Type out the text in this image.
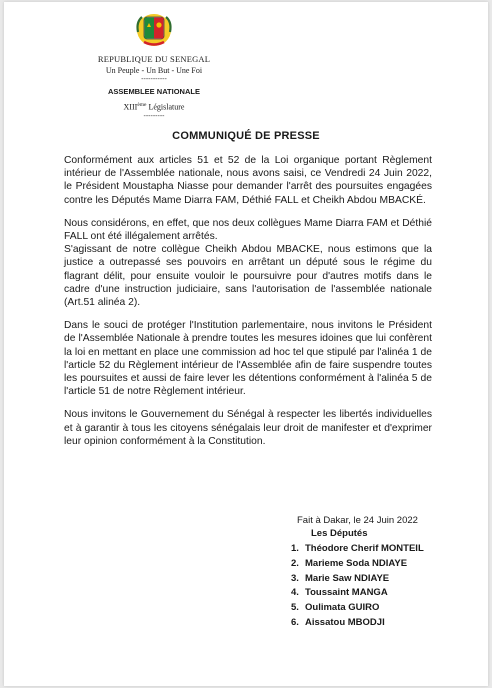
REPUBLIQUE DU SENEGAL
Un Peuple - Un But - Une Foi
-----------
ASSEMBLEE NATIONALE
XIIIème Législature
---------
COMMUNIQUÉ DE PRESSE

Conformément aux articles 51 et 52 de la Loi organique portant Règlement intérieur de l'Assemblée nationale, nous avons saisi, ce Vendredi 24 Juin 2022, le Président Moustapha Niasse pour demander l'arrêt des poursuites engagées contre les Députés Mame Diarra FAM, Déthié FALL et Cheikh Abdou MBACKÉ.

Nous considérons, en effet, que nos deux collègues Mame Diarra FAM et Déthié FALL ont été illégalement arrêtés.

S'agissant de notre collègue Cheikh Abdou MBACKE, nous estimons que la justice a outrepassé ses pouvoirs en arrêtant un député sous le régime du flagrant délit, pour ensuite vouloir le poursuivre pour d'autres motifs dans le cadre d'une instruction judiciaire, sans l'autorisation de l'assemblée nationale (Art.51 alinéa 2).

Dans le souci de protéger l'Institution parlementaire, nous invitons le Président de l'Assemblée Nationale à prendre toutes les mesures idoines que lui confèrent la loi en mettant en place une commission ad hoc tel que stipulé par l'alinéa 1 de l'article 52 du Règlement intérieur de l'Assemblée afin de faire suspendre toutes les poursuites et aussi de faire lever les détentions conformément à l'alinéa 5 de l'article 51 de notre Règlement intérieur.

Nous invitons le Gouvernement du Sénégal à respecter les libertés individuelles et à garantir à tous les citoyens sénégalais leur droit de manifester et d'exprimer leur opinion conformément à la Constitution.

Fait à Dakar, le 24 Juin 2022
Les Députés
1. Théodore Cherif MONTEIL
2. Marieme Soda NDIAYE
3. Marie Saw NDIAYE
4. Toussaint MANGA
5. Oulimata GUIRO
6. Aissatou MBODJI
